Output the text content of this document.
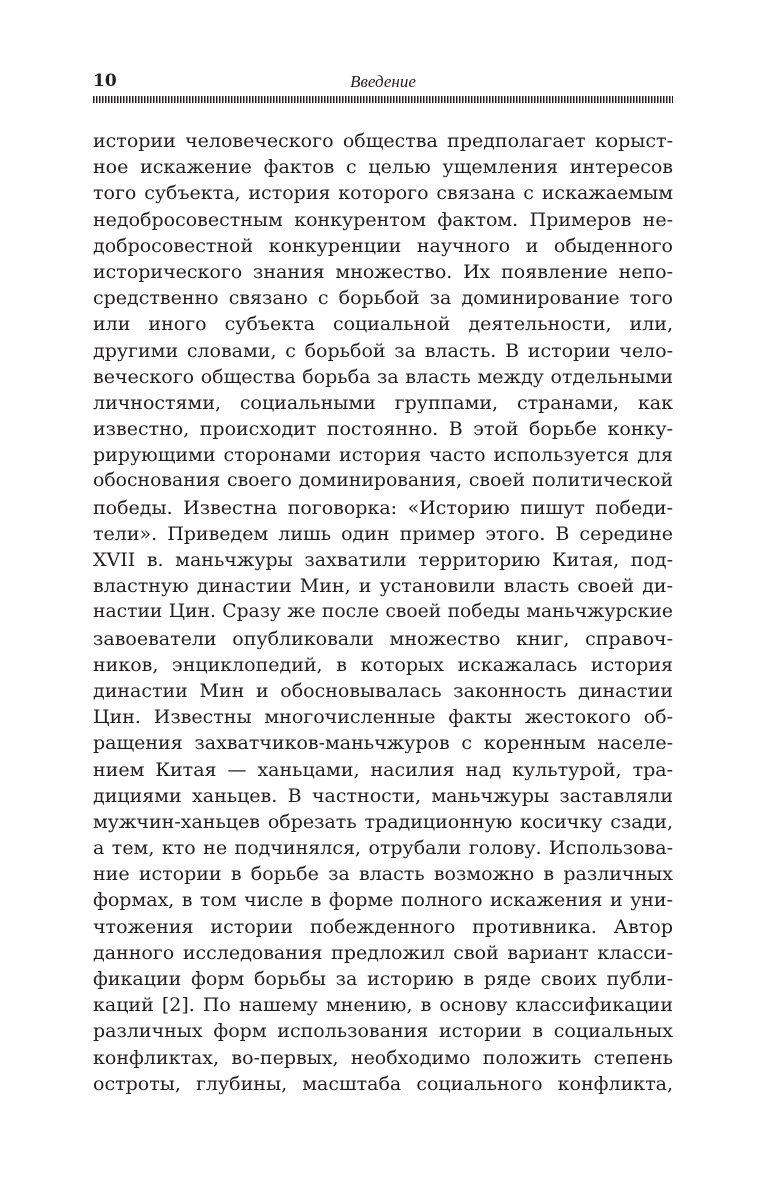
10	Введение
истории человеческого общества предполагает корыст-
ное искажение фактов с целью ущемления интересов
того субъекта, история которого связана с искажаемым
недобросовестным конкурентом фактом. Примеров не-
добросовестной конкуренции научного и обыденного
исторического знания множество. Их появление непо-
средственно связано с борьбой за доминирование того
или иного субъекта социальной деятельности, или,
другими словами, с борьбой за власть. В истории чело-
веческого общества борьба за власть между отдельными
личностями, социальными группами, странами, как
известно, происходит постоянно. В этой борьбе конку-
рирующими сторонами история часто используется для
обоснования своего доминирования, своей политической
победы. Известна поговорка: «Историю пишут победи-
тели». Приведем лишь один пример этого. В середине
XVII в. маньчжуры захватили территорию Китая, под-
властную династии Мин, и установили власть своей ди-
настии Цин. Сразу же после своей победы маньчжурские
завоеватели опубликовали множество книг, справоч-
ников, энциклопедий, в которых искажалась история
династии Мин и обосновывалась законность династии
Цин. Известны многочисленные факты жестокого об-
ращения захватчиков-маньчжуров с коренным населе-
нием Китая — ханьцами, насилия над культурой, тра-
дициями ханьцев. В частности, маньчжуры заставляли
мужчин-ханьцев обрезать традиционную косичку сзади,
а тем, кто не подчинялся, отрубали голову. Использова-
ние истории в борьбе за власть возможно в различных
формах, в том числе в форме полного искажения и уни-
чтожения истории побежденного противника. Автор
данного исследования предложил свой вариант класси-
фикации форм борьбы за историю в ряде своих публи-
каций [2]. По нашему мнению, в основу классификации
различных форм использования истории в социальных
конфликтах, во-первых, необходимо положить степень
остроты, глубины, масштаба социального конфликта,
